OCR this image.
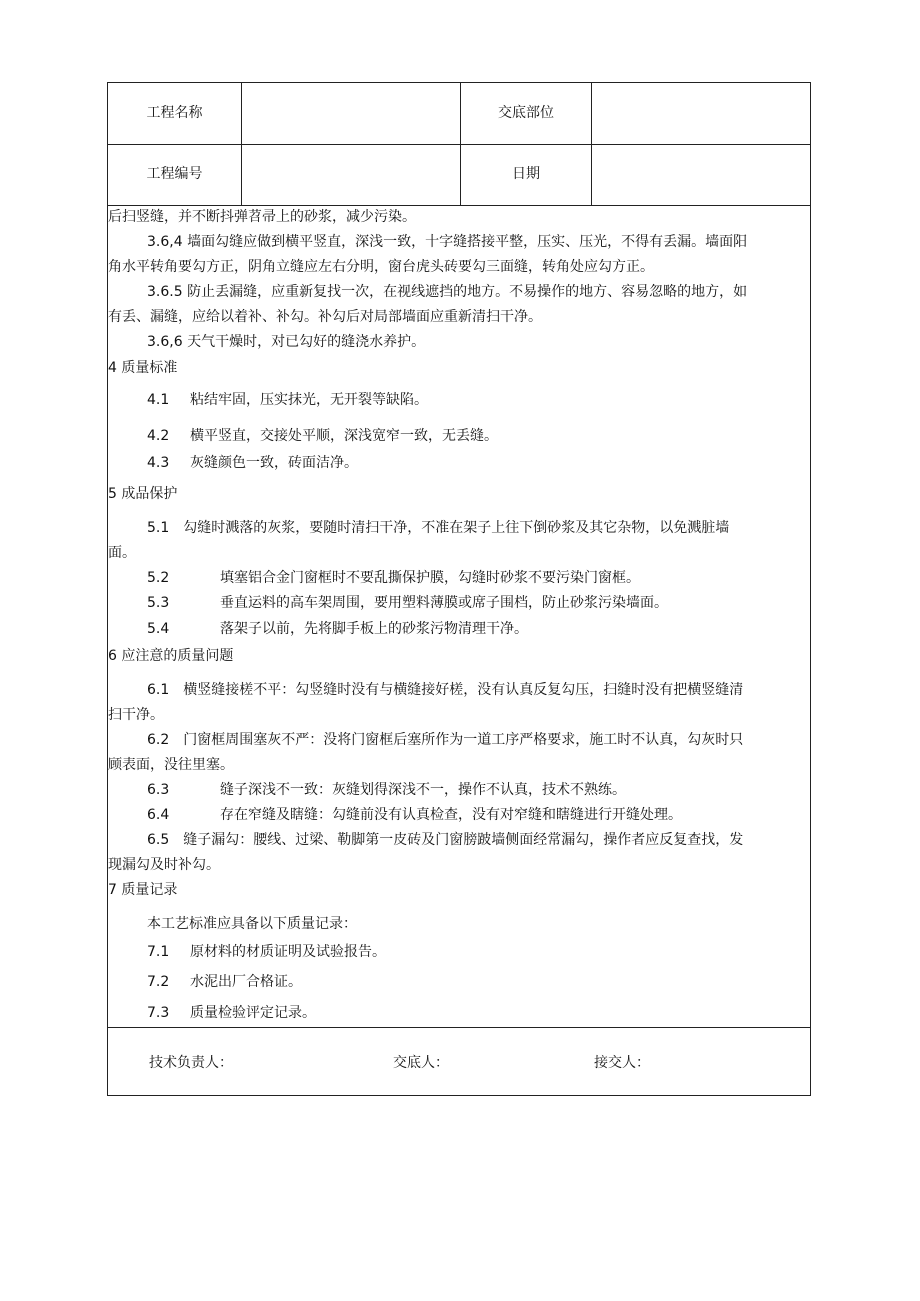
工程名称	交底部位
工程编号	日期
后扫竖缝，并不断抖弹苕帚上的砂浆，减少污染。
3.6,4 墙面勾缝应做到横平竖直，深浅一致，十字缝搭接平整，压实、压光，不得有丢漏。墙面阳
角水平转角要勾方正，阴角立缝应左右分明，窗台虎头砖要勾三面缝，转角处应勾方正。
3.6.5 防止丢漏缝，应重新复找一次，在视线遮挡的地方。不易操作的地方、容易忽略的地方，如
有丢、漏缝，应给以着补、补勾。补勾后对局部墙面应重新清扫干净。
3.6,6 天气干燥时，对已勾好的缝浇水养护。
4 质量标准
4.1 粘结牢固，压实抹光，无开裂等缺陷。
4.2 横平竖直，交接处平顺，深浅宽窄一致，无丢缝。
4.3 灰缝颜色一致，砖面洁净。
5 成品保护
5.1　勾缝时溅落的灰浆，要随时清扫干净，不准在架子上往下倒砂浆及其它杂物，以免溅脏墙
面。
5.2	填塞铝合金门窗框时不要乱撕保护膜，勾缝时砂浆不要污染门窗框。
5.3	垂直运料的高车架周围，要用塑料薄膜或席子围档，防止砂浆污染墙面。
5.4	落架子以前，先将脚手板上的砂浆污物清理干净。
6 应注意的质量问题
6.1　横竖缝接槎不平：勾竖缝时没有与横缝接好槎，没有认真反复勾压，扫缝时没有把横竖缝清
扫干净。
6.2　门窗框周围塞灰不严：没将门窗框后塞所作为一道工序严格要求，施工时不认真，勾灰时只
顾表面，没往里塞。
6.3	缝子深浅不一致：灰缝划得深浅不一，操作不认真，技术不熟练。
6.4	存在窄缝及瞎缝：勾缝前没有认真检查，没有对窄缝和瞎缝进行开缝处理。
6.5　缝子漏勾：腰线、过梁、勒脚第一皮砖及门窗膀跛墙侧面经常漏勾，操作者应反复查找，发
现漏勾及时补勾。
7 质量记录
本工艺标准应具备以下质量记录：
7.1 原材料的材质证明及试验报告。
7.2 水泥出厂合格证。
7.3 质量检验评定记录。
技术负责人：	交底人：	接交人：
